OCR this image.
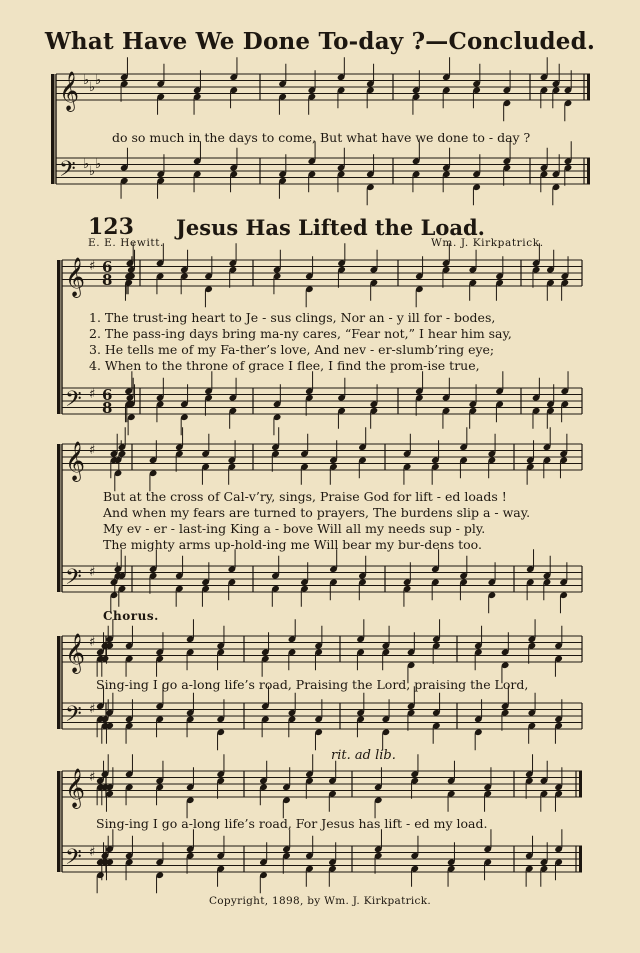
What Have We Done To-day ?—Concluded.
123 Jesus Has Lifted the Load.
E. E. Hewitt.	Wm. J. Kirkpatrick.
do so much in the days to come, But what have we done to - day ?
1. The trust-ing heart to Je - sus clings, Nor an - y ill for - bodes,
2. The pass-ing days bring ma-ny cares, “Fear not,” I hear him say,
3. He tells me of my Fa-ther’s love, And nev - er-slumb’ring eye;
4. When to the throne of grace I flee, I find the prom-ise true,
But at the cross of Cal-v’ry, sings, Praise God for lift - ed loads !
And when my fears are turned to prayers, The burdens slip a - way.
My ev - er - last-ing King a - bove Will all my needs sup - ply.
The mighty arms up-hold-ing me Will bear my bur-dens too.
Chorus.
Sing-ing I go a-long life’s road, Praising the Lord, praising the Lord,
rit. ad lib.
Sing-ing I go a-long life’s road, For Jesus has lift - ed my load.
Copyright, 1898, by Wm. J. Kirkpatrick.
𝄞 ♭ ♭ ♭
𝄢 ♭ ♭ ♭
𝄞 ♯ 6
8
𝄢 ♯ 6
8
𝄞 ♯
𝄢 ♯
𝄞 ♯
𝄢 ♯
𝄞 ♯
𝄢 ♯
